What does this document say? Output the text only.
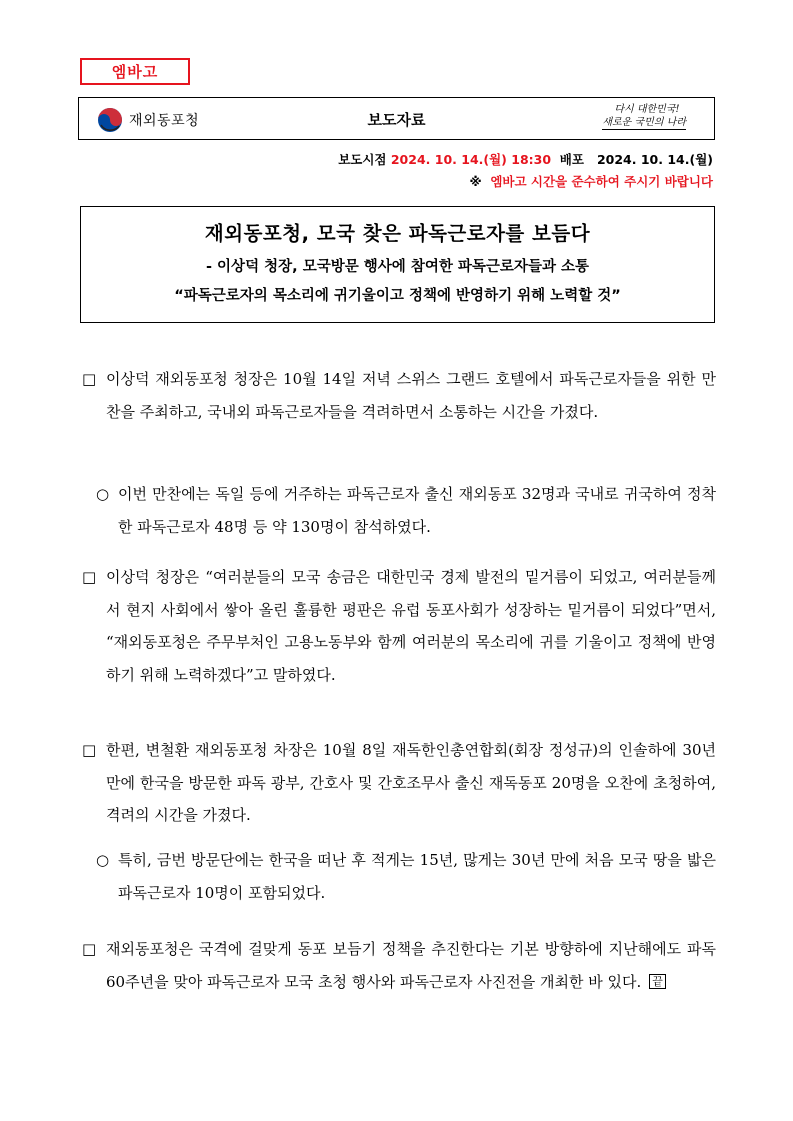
엠바고
재외동포청	보도자료
다시 대한민국!
새로운 국민의 나라
보도시점 2024. 10. 14.(월) 18:30 배포 2024. 10. 14.(월)
※ 엠바고 시간을 준수하여 주시기 바랍니다
재외동포청, 모국 찾은 파독근로자를 보듬다
- 이상덕 청장, 모국방문 행사에 참여한 파독근로자들과 소통
“파독근로자의 목소리에 귀기울이고 정책에 반영하기 위해 노력할 것”
□ 이상덕 재외동포청 청장은 10월 14일 저녁 스위스 그랜드 호텔에서 파독근로자들을 위한 만찬을 주최하고, 국내외 파독근로자들을 격려하면서 소통하는 시간을 가졌다.
○ 이번 만찬에는 독일 등에 거주하는 파독근로자 출신 재외동포 32명과 국내로 귀국하여 정착한 파독근로자 48명 등 약 130명이 참석하였다.
□ 이상덕 청장은 “여러분들의 모국 송금은 대한민국 경제 발전의 밑거름이 되었고, 여러분들께서 현지 사회에서 쌓아 올린 훌륭한 평판은 유럽 동포사회가 성장하는 밑거름이 되었다”면서, “재외동포청은 주무부처인 고용노동부와 함께 여러분의 목소리에 귀를 기울이고 정책에 반영하기 위해 노력하겠다”고 말하였다.
□ 한편, 변철환 재외동포청 차장은 10월 8일 재독한인총연합회(회장 정성규)의 인솔하에 30년 만에 한국을 방문한 파독 광부, 간호사 및 간호조무사 출신 재독동포 20명을 오찬에 초청하여, 격려의 시간을 가졌다.
○ 특히, 금번 방문단에는 한국을 떠난 후 적게는 15년, 많게는 30년 만에 처음 모국 땅을 밟은 파독근로자 10명이 포함되었다.
□ 재외동포청은 국격에 걸맞게 동포 보듬기 정책을 추진한다는 기본 방향하에 지난해에도 파독 60주년을 맞아 파독근로자 모국 초청 행사와 파독근로자 사진전을 개최한 바 있다. 끝
